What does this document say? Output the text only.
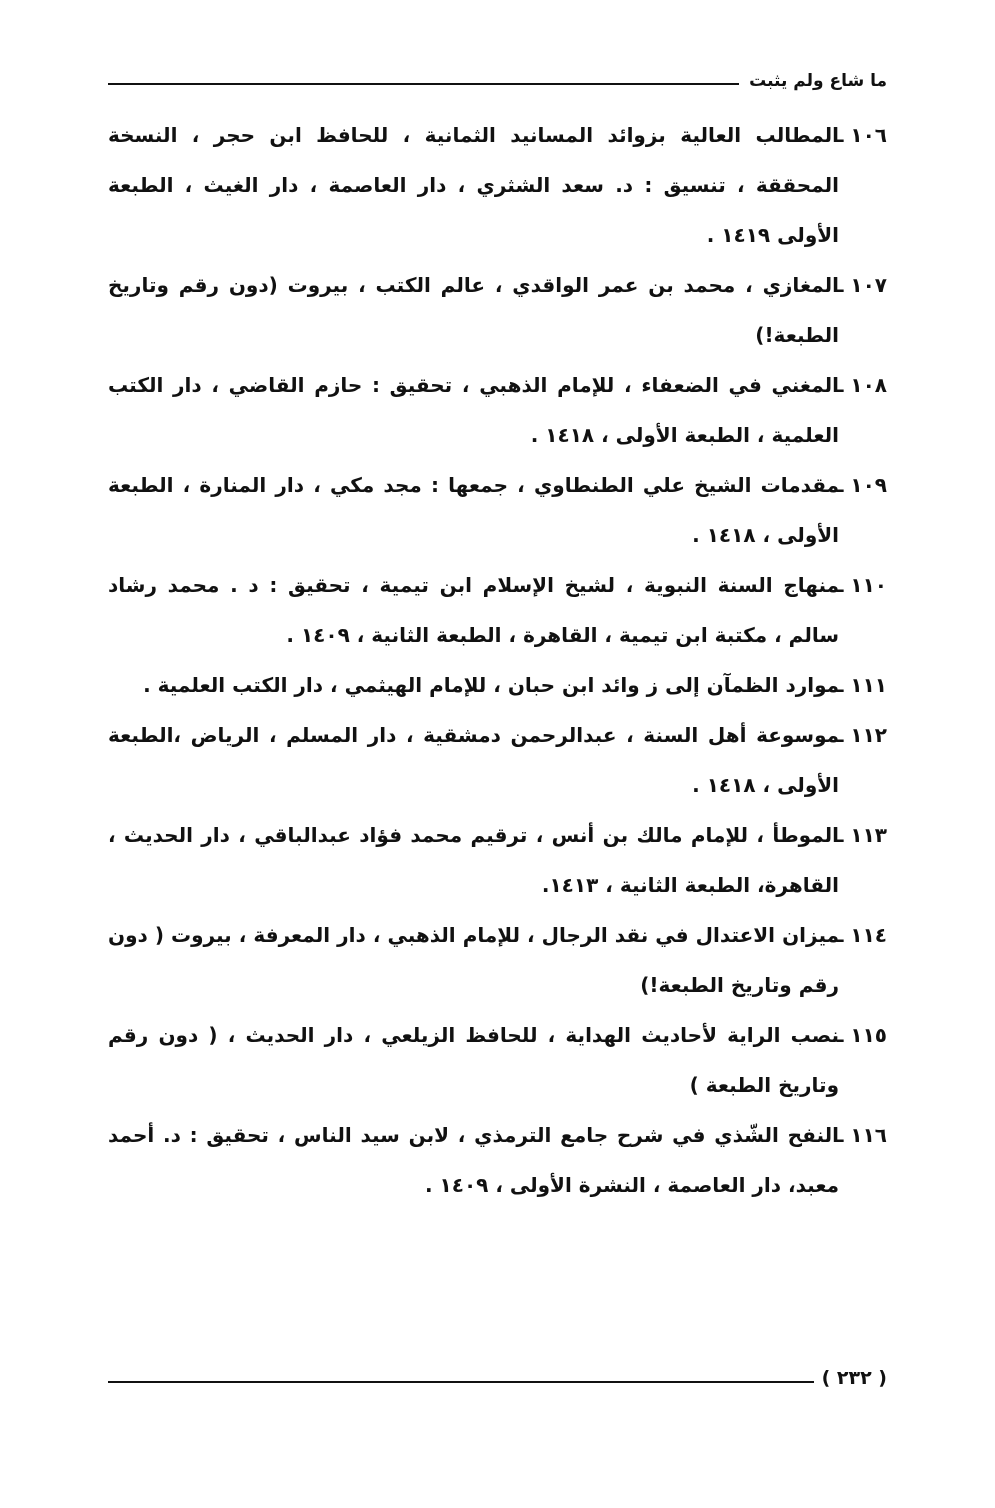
ما شاع ولم يثبت
١٠٦ ـ
المطالب العالية بزوائد المسانيد الثمانية ، للحافظ ابن حجر ، النسخة المحققة ، تنسيق : د. سعد الشثري ، دار العاصمة ، دار الغيث ، الطبعة الأولى ١٤١٩ .
١٠٧ ـ
المغازي ، محمد بن عمر الواقدي ، عالم الكتب ، بيروت (دون رقم وتاريخ الطبعة!)
١٠٨ ـ
المغني في الضعفاء ، للإمام الذهبي ، تحقيق : حازم القاضي ، دار الكتب العلمية ، الطبعة الأولى ، ١٤١٨ .
١٠٩ ـ
مقدمات الشيخ علي الطنطاوي ، جمعها : مجد مكي ، دار المنارة ، الطبعة الأولى ، ١٤١٨ .
١١٠ ـ
منهاج السنة النبوية ، لشيخ الإسلام ابن تيمية ، تحقيق : د . محمد رشاد سالم ، مكتبة ابن تيمية ، القاهرة ، الطبعة الثانية ، ١٤٠٩ .
١١١ ـ
موارد الظمآن إلى ز وائد ابن حبان ، للإمام الهيثمي ، دار الكتب العلمية .
١١٢ ـ
موسوعة أهل السنة ، عبدالرحمن دمشقية ، دار المسلم ، الرياض ،الطبعة الأولى ، ١٤١٨ .
١١٣ ـ
الموطأ ، للإمام مالك بن أنس ، ترقيم محمد فؤاد عبدالباقي ، دار الحديث ، القاهرة، الطبعة الثانية ، ١٤١٣.
١١٤ ـ
ميزان الاعتدال في نقد الرجال ، للإمام الذهبي ، دار المعرفة ، بيروت ( دون رقم وتاريخ الطبعة!)
١١٥ ـ
نصب الراية لأحاديث الهداية ، للحافظ الزيلعي ، دار الحديث ، ( دون رقم وتاريخ الطبعة )
١١٦ ـ
النفح الشّذي في شرح جامع الترمذي ، لابن سيد الناس ، تحقيق : د. أحمد معبد، دار العاصمة ، النشرة الأولى ، ١٤٠٩ .
( ٢٣٢ )
